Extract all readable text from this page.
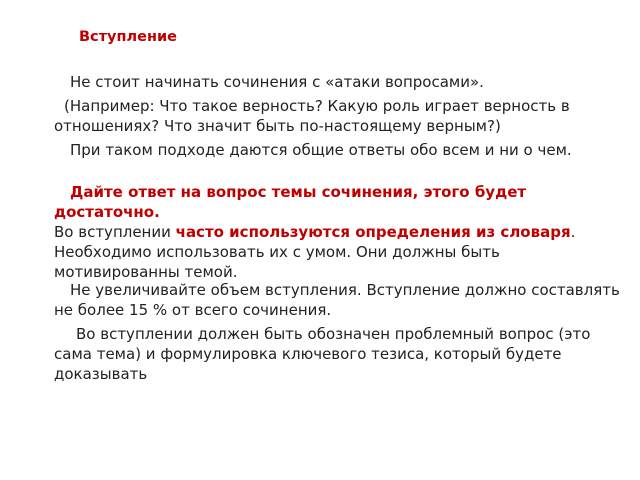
Вступление
Не стоит начинать сочинения с «атаки вопросами».
(Например: Что такое верность? Какую роль играет верность в отношениях? Что значит быть по-настоящему верным?)
При таком подходе даются общие ответы обо всем и ни о чем.
Дайте ответ на вопрос темы сочинения, этого будет достаточно.
Во вступлении часто используются определения из словаря. Необходимо использовать их с умом. Они должны быть мотивированны темой.
Не увеличивайте объем вступления. Вступление должно составлять не более 15 % от всего сочинения.
Во вступлении должен быть обозначен проблемный вопрос (это сама тема) и формулировка ключевого тезиса, который будете доказывать
